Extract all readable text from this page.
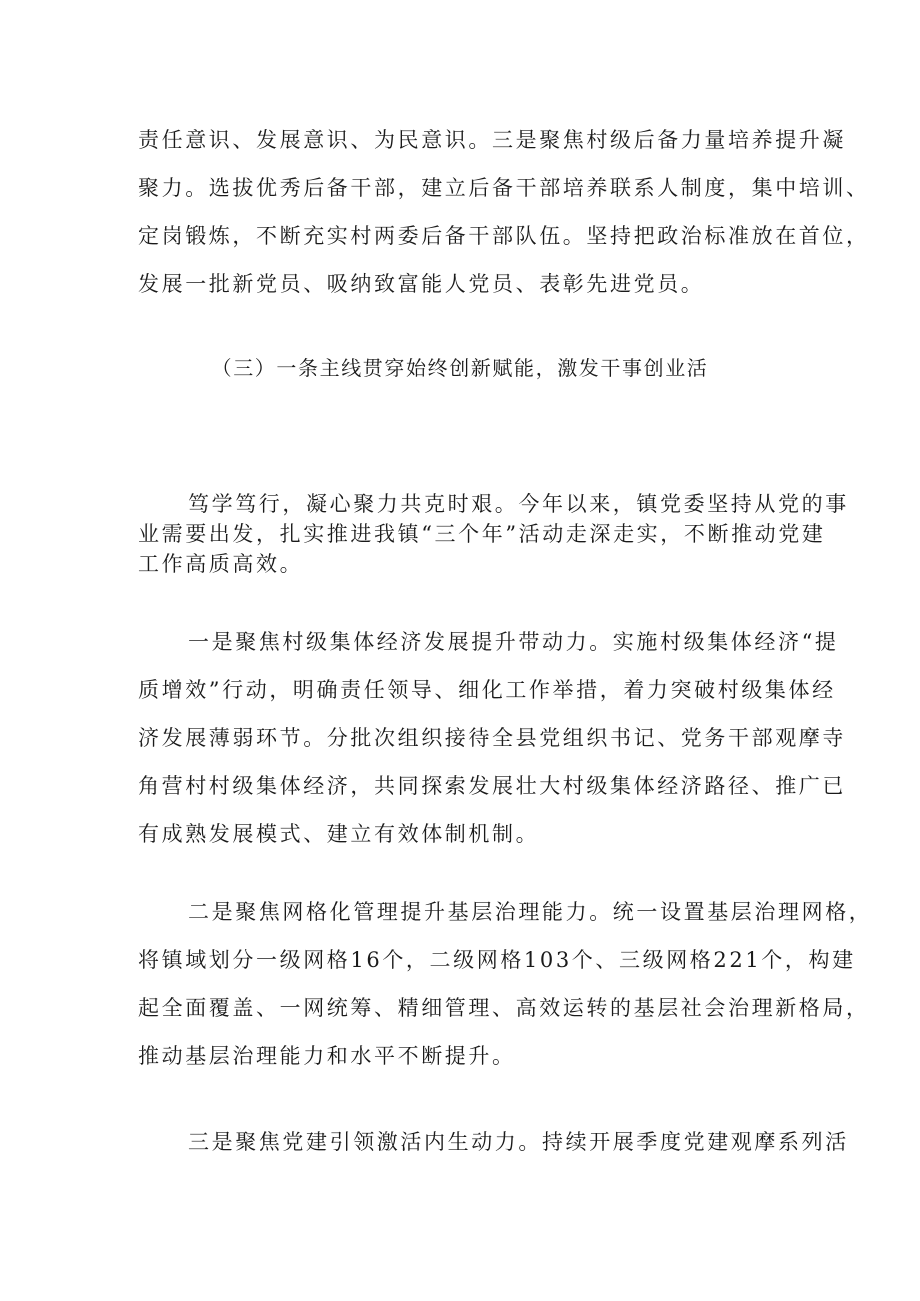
责任意识、发展意识、为民意识。三是聚焦村级后备力量培养提升凝
聚力。选拔优秀后备干部，建立后备干部培养联系人制度，集中培训、
定岗锻炼，不断充实村两委后备干部队伍。坚持把政治标准放在首位，
发展一批新党员、吸纳致富能人党员、表彰先进党员。
（三）一条主线贯穿始终创新赋能，激发干事创业活
笃学笃行，凝心聚力共克时艰。今年以来，镇党委坚持从党的事
业需要出发，扎实推进我镇“三个年”活动走深走实，不断推动党建
工作高质高效。
一是聚焦村级集体经济发展提升带动力。实施村级集体经济“提
质增效”行动，明确责任领导、细化工作举措，着力突破村级集体经
济发展薄弱环节。分批次组织接待全县党组织书记、党务干部观摩寺
角营村村级集体经济，共同探索发展壮大村级集体经济路径、推广已
有成熟发展模式、建立有效体制机制。
二是聚焦网格化管理提升基层治理能力。统一设置基层治理网格，
将镇域划分一级网格16个，二级网格103个、三级网格221个，构建
起全面覆盖、一网统筹、精细管理、高效运转的基层社会治理新格局，
推动基层治理能力和水平不断提升。
三是聚焦党建引领激活内生动力。持续开展季度党建观摩系列活
